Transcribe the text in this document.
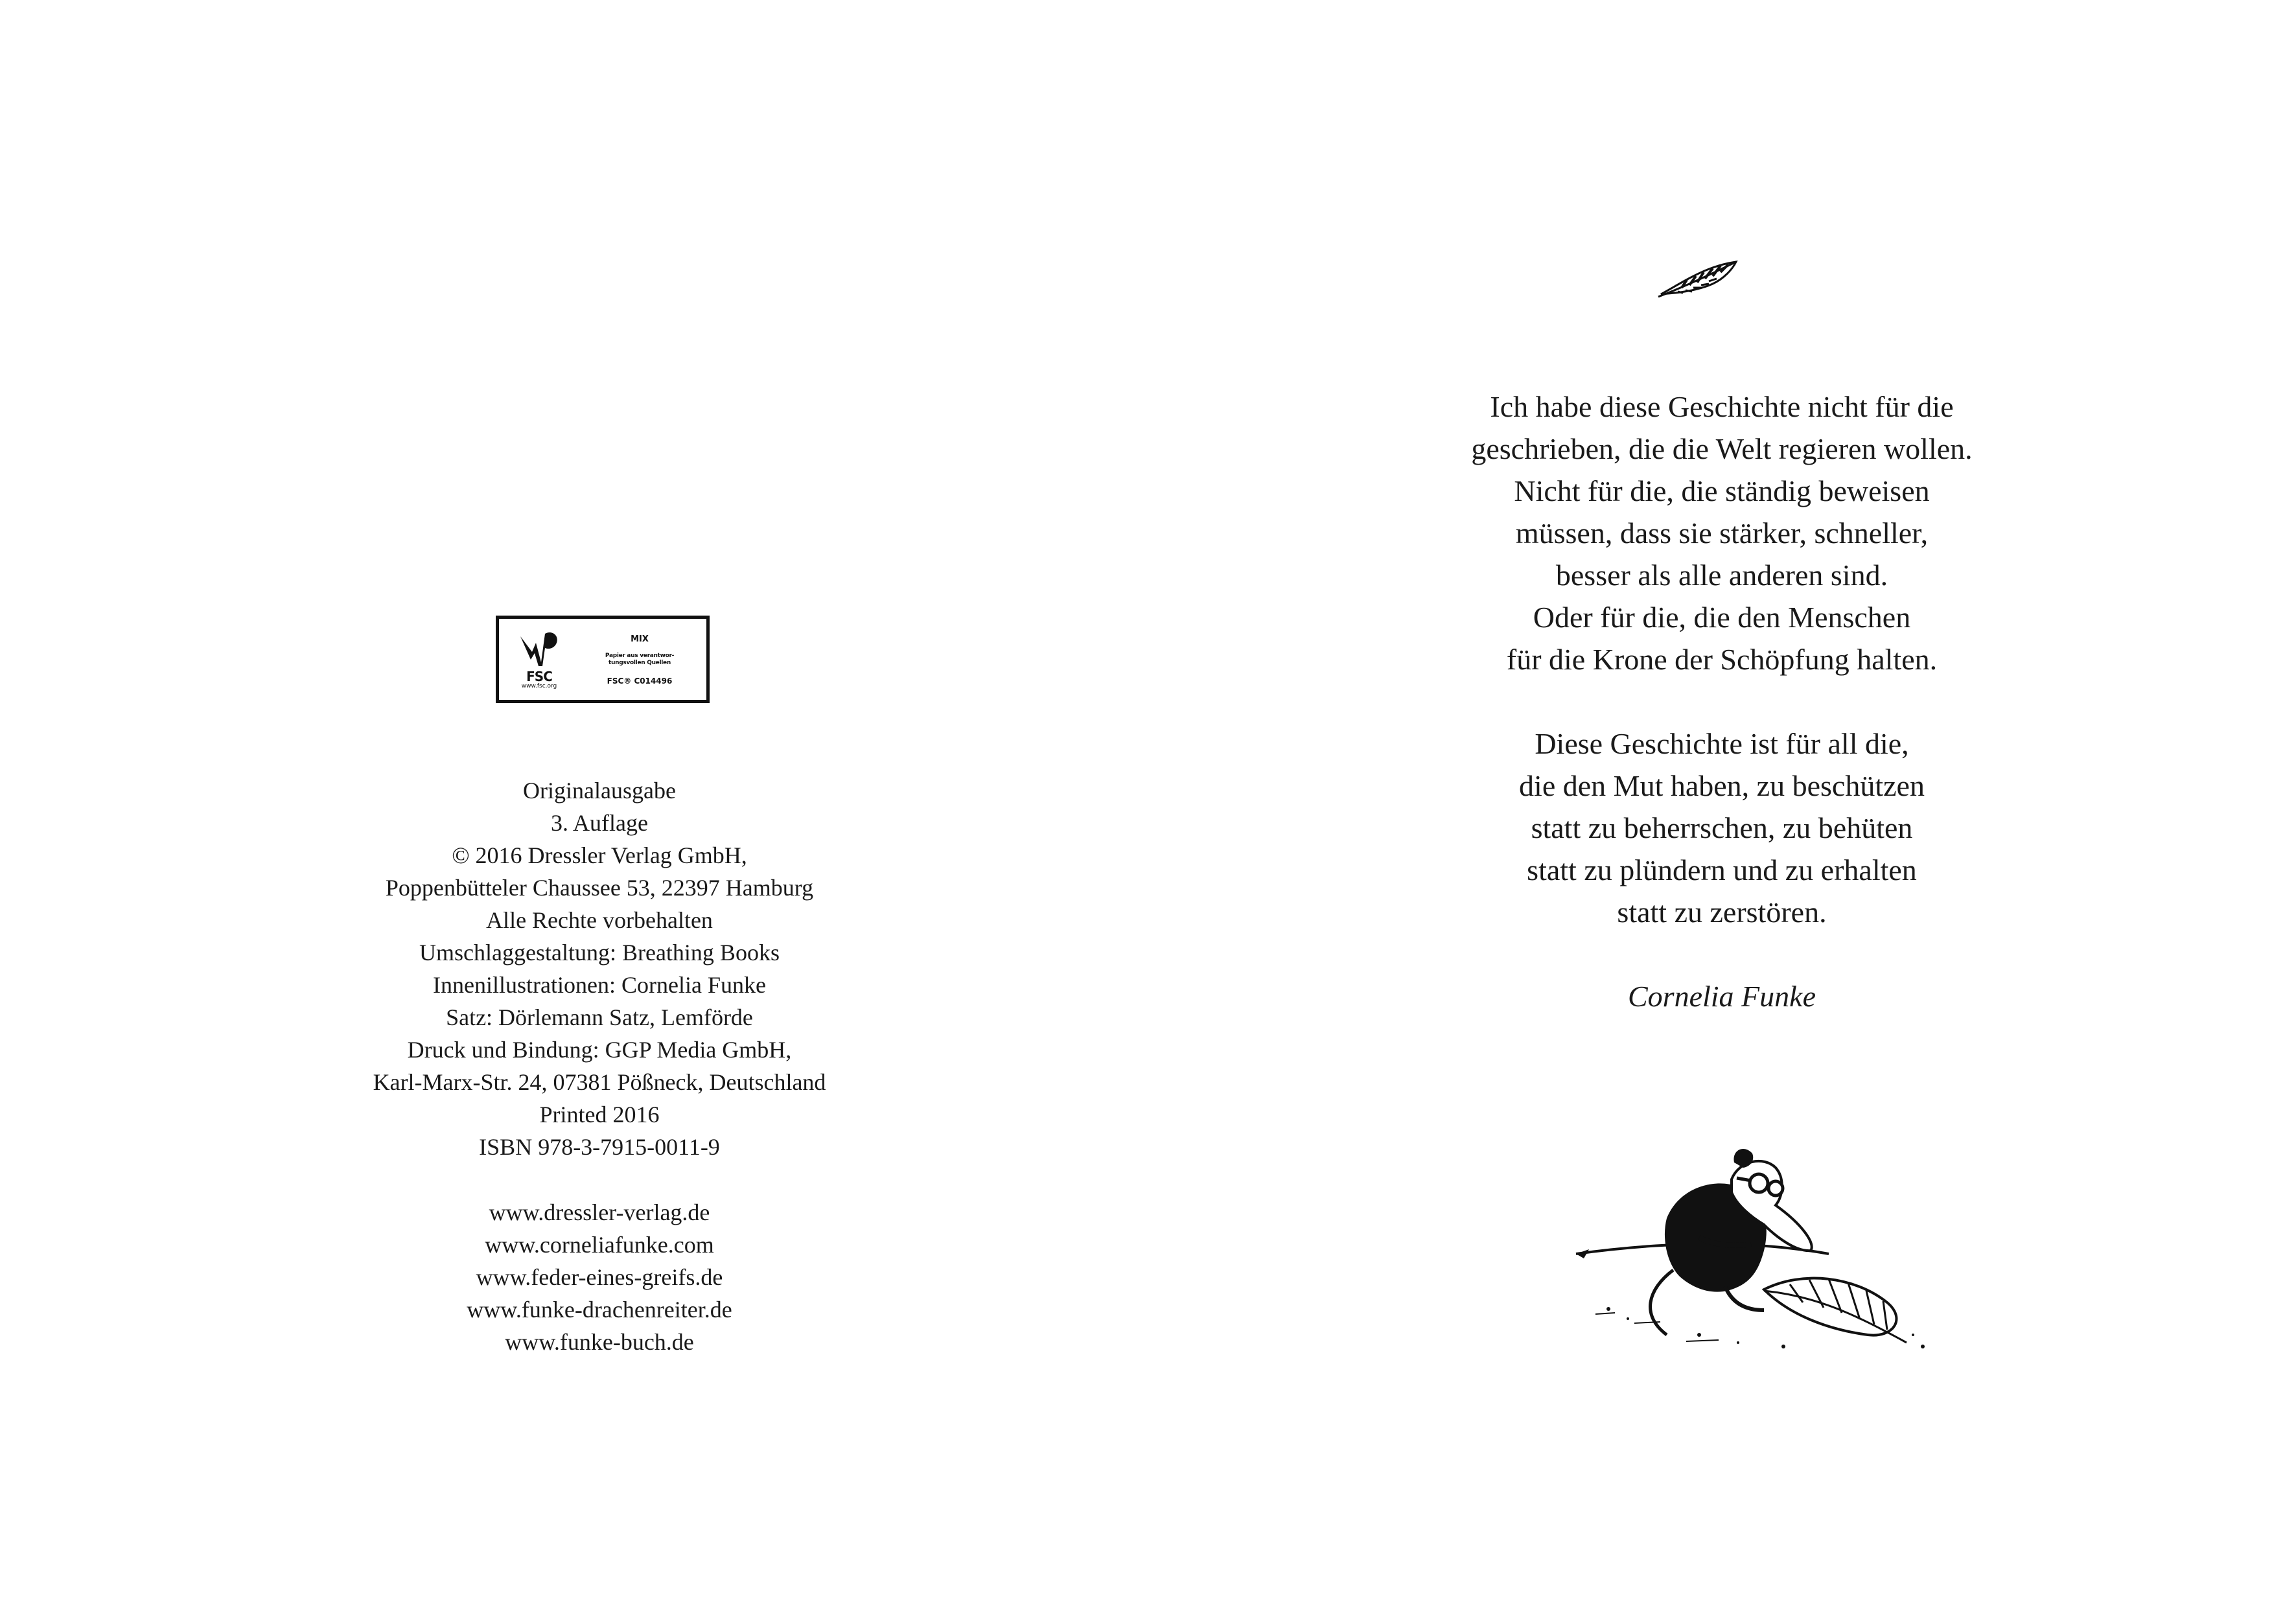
FSC
www.fsc.org
MIX
Papier aus verantwor-
tungsvollen Quellen
FSC® C014496
Originalausgabe
3. Auflage
© 2016 Dressler Verlag GmbH,
Poppenbütteler Chaussee 53, 22397 Hamburg
Alle Rechte vorbehalten
Umschlaggestaltung: Breathing Books
Innenillustrationen: Cornelia Funke
Satz: Dörlemann Satz, Lemförde
Druck und Bindung: GGP Media GmbH,
Karl-Marx-Str. 24, 07381 Pößneck, Deutschland
Printed 2016
ISBN 978-3-7915-0011-9
www.dressler-verlag.de
www.corneliafunke.com
www.feder-eines-greifs.de
www.funke-drachenreiter.de
www.funke-buch.de
Ich habe diese Geschichte nicht für die
geschrieben, die die Welt regieren wollen.
Nicht für die, die ständig beweisen
müssen, dass sie stärker, schneller,
besser als alle anderen sind.
Oder für die, die den Menschen
für die Krone der Schöpfung halten.
Diese Geschichte ist für all die,
die den Mut haben, zu beschützen
statt zu beherrschen, zu behüten
statt zu plündern und zu erhalten
statt zu zerstören.
Cornelia Funke
